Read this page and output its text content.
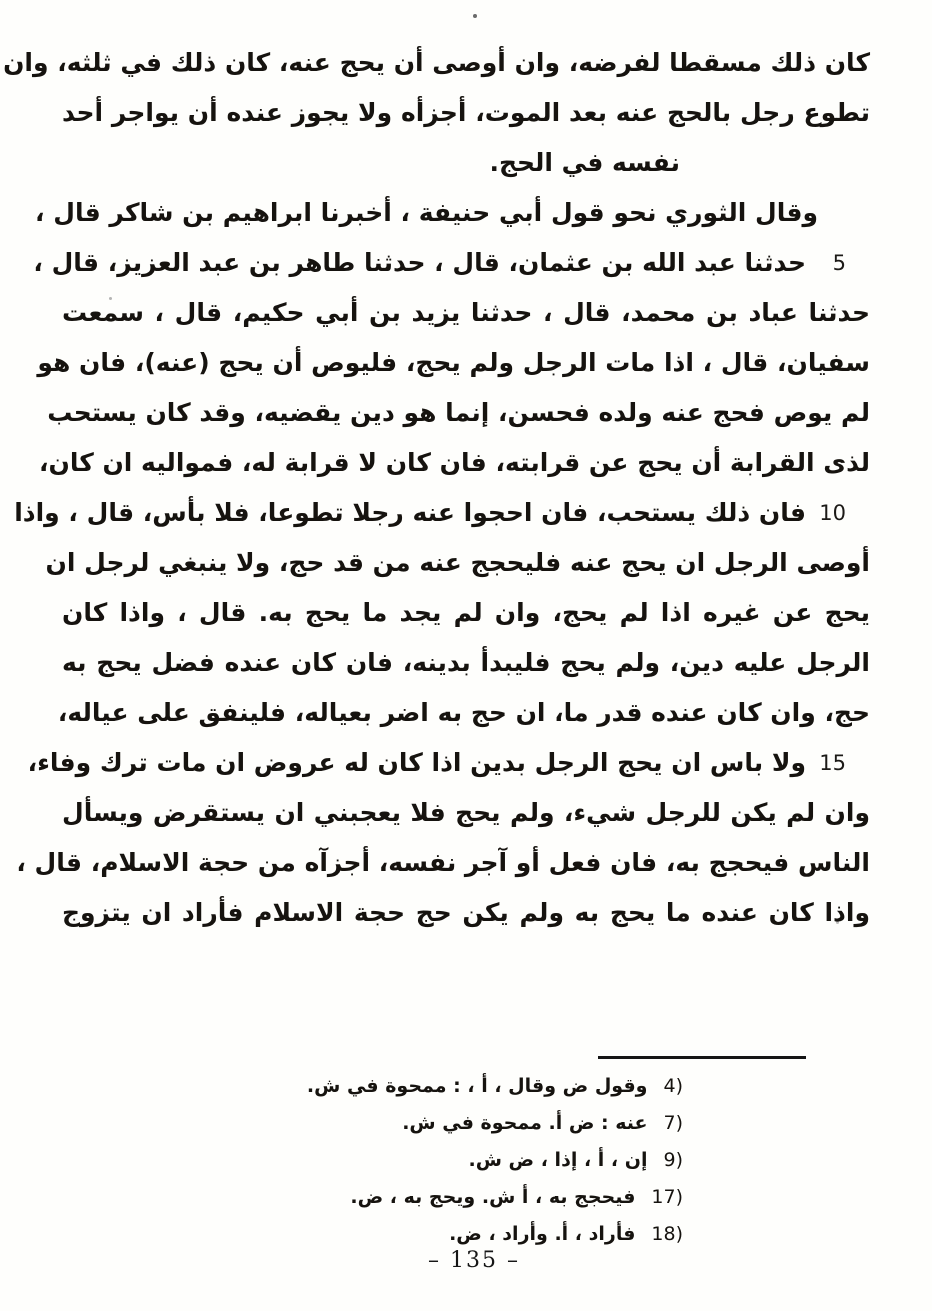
كان ذلك مسقطا لفرضه، وان أوصى أن يحج عنه، كان ذلك في ثلثه، وان
تطوع رجل بالحج عنه بعد الموت، أجزأه ولا يجوز عنده أن يواجر أحد
نفسه في الحج.
وقال الثوري نحو قول أبي حنيفة ، أخبرنا ابراهيم بن شاكر قال ،
5
حدثنا عبد الله بن عثمان، قال ، حدثنا طاهر بن عبد العزيز، قال ،
حدثنا عباد بن محمد، قال ، حدثنا يزيد بن أبي حكيم، قال ، سمعت
سفيان، قال ، اذا مات الرجل ولم يحج، فليوص أن يحج (عنه)، فان هو
لم يوص فحج عنه ولده فحسن، إنما هو دين يقضيه، وقد كان يستحب
لذى القرابة أن يحج عن قرابته، فان كان لا قرابة له، فمواليه ان كان،
10
فان ذلك يستحب، فان احجوا عنه رجلا تطوعا، فلا بأس، قال ، واذا
أوصى الرجل ان يحج عنه فليحجج عنه من قد حج، ولا ينبغي لرجل ان
يحج عن غيره اذا لم يحج، وان لم يجد ما يحج به. قال ، واذا كان
الرجل عليه دين، ولم يحج فليبدأ بدينه، فان كان عنده فضل يحج به
حج، وان كان عنده قدر ما، ان حج به اضر بعياله، فلينفق على عياله،
15
ولا باس ان يحج الرجل بدين اذا كان له عروض ان مات ترك وفاء،
وان لم يكن للرجل شيء، ولم يحج فلا يعجبني ان يستقرض ويسأل
الناس فيحجج به، فان فعل أو آجر نفسه، أجزآه من حجة الاسلام، قال ،
واذا كان عنده ما يحج به ولم يكن حج حجة الاسلام فأراد ان يتزوج
4)وقول ض وقال ، أ ، : ممحوة في ش.
7)عنه : ض أ. ممحوة في ش.
9)إن ، أ ، إذا ، ض ش.
17)فيحجج به ، أ ش. ويحج به ، ض.
18)فأراد ، أ. وأراد ، ض.
– 135 –
